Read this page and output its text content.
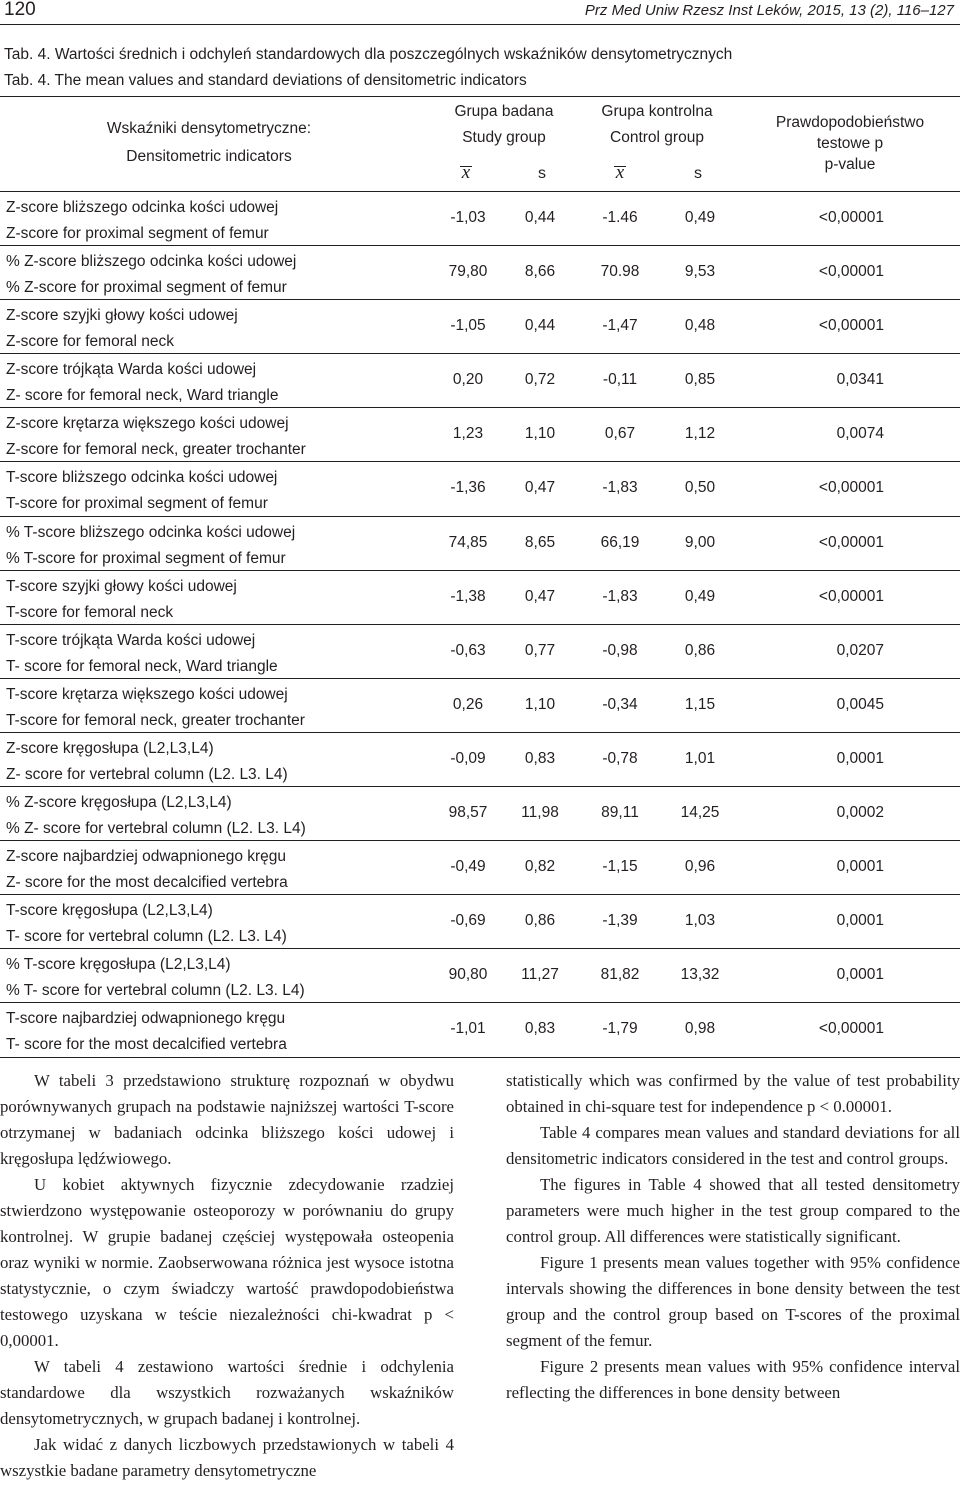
120	Prz Med Uniw Rzesz Inst Leków, 2015, 13 (2), 116–127
Tab. 4. Wartości średnich i odchyleń standardowych dla poszczególnych wskaźników densytometrycznych
Tab. 4. The mean values and standard deviations of densitometric indicators
Wskaźniki densytometryczne:
Densitometric indicators
Grupa badana
Study group
Grupa kontrolna
Control group
Prawdopodobieństwo
testowe p
p-value
x	s	x	s
Z-score bliższego odcinka kości udowej
Z-score for proximal segment of femur
-1,03	0,44	-1.46	0,49	<0,00001
% Z-score bliższego odcinka kości udowej
% Z-score for proximal segment of femur
79,80	8,66	70.98	9,53	<0,00001
Z-score szyjki głowy kości udowej
Z-score for femoral neck
-1,05	0,44	-1,47	0,48	<0,00001
Z-score trójkąta Warda kości udowej
Z- score for femoral neck, Ward triangle
0,20	0,72	-0,11	0,85	0,0341
Z-score krętarza większego kości udowej
Z-score for femoral neck, greater trochanter
1,23	1,10	0,67	1,12	0,0074
T-score bliższego odcinka kości udowej
T-score for proximal segment of femur
-1,36	0,47	-1,83	0,50	<0,00001
% T-score bliższego odcinka kości udowej
% T-score for proximal segment of femur
74,85	8,65	66,19	9,00	<0,00001
T-score szyjki głowy kości udowej
T-score for femoral neck
-1,38	0,47	-1,83	0,49	<0,00001
T-score trójkąta Warda kości udowej
T- score for femoral neck, Ward triangle
-0,63	0,77	-0,98	0,86	0,0207
T-score krętarza większego kości udowej
T-score for femoral neck, greater trochanter
0,26	1,10	-0,34	1,15	0,0045
Z-score kręgosłupa (L2,L3,L4)
Z- score for vertebral column (L2. L3. L4)
-0,09	0,83	-0,78	1,01	0,0001
% Z-score kręgosłupa (L2,L3,L4)
% Z- score for vertebral column (L2. L3. L4)
98,57	11,98	89,11	14,25	0,0002
Z-score najbardziej odwapnionego kręgu
Z- score for the most decalcified vertebra
-0,49	0,82	-1,15	0,96	0,0001
T-score kręgosłupa (L2,L3,L4)
T- score for vertebral column (L2. L3. L4)
-0,69	0,86	-1,39	1,03	0,0001
% T-score kręgosłupa (L2,L3,L4)
% T- score for vertebral column (L2. L3. L4)
90,80	11,27	81,82	13,32	0,0001
T-score najbardziej odwapnionego kręgu
T- score for the most decalcified vertebra
-1,01	0,83	-1,79	0,98	<0,00001

W tabeli 3 przedstawiono strukturę rozpoznań w obydwu porównywanych grupach na podstawie najniższej wartości T-score otrzymanej w badaniach odcinka bliższego kości udowej i kręgosłupa lędźwiowego.

U kobiet aktywnych fizycznie zdecydowanie rzadziej stwierdzono występowanie osteoporozy w porównaniu do grupy kontrolnej. W grupie badanej częściej występowała osteopenia oraz wyniki w normie. Zaobserwowana różnica jest wysoce istotna statystycznie, o czym świadczy wartość prawdopodobieństwa testowego uzyskana w teście niezależności chi-kwadrat p < 0,00001.

W tabeli 4 zestawiono wartości średnie i odchylenia standardowe dla wszystkich rozważanych wskaźników densytometrycznych, w grupach badanej i kontrolnej.

Jak widać z danych liczbowych przedstawionych w tabeli 4 wszystkie badane parametry densytometryczne

statistically which was confirmed by the value of test probability obtained in chi-square test for independence p < 0.00001.

Table 4 compares mean values and standard deviations for all densitometric indicators considered in the test and control groups.

The figures in Table 4 showed that all tested densitometry parameters were much higher in the test group compared to the control group. All differences were statistically significant.

Figure 1 presents mean values together with 95% confidence intervals showing the differences in bone density between the test group and the control group based on T-scores of the proximal segment of the femur.

Figure 2 presents mean values with 95% confidence interval reflecting the differences in bone density between
